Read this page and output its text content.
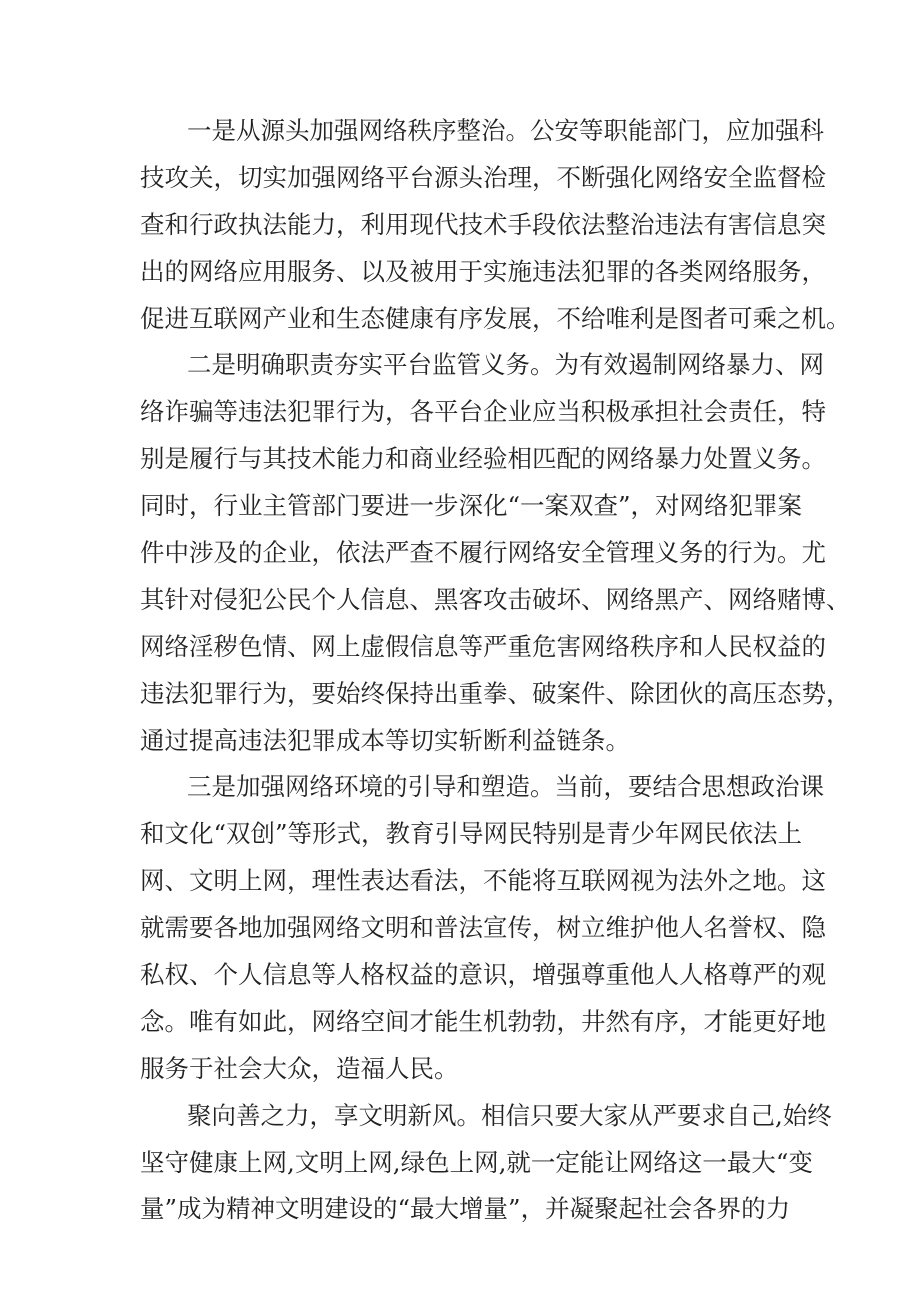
一是从源头加强网络秩序整治。公安等职能部门，应加强科
技攻关，切实加强网络平台源头治理，不断强化网络安全监督检
查和行政执法能力，利用现代技术手段依法整治违法有害信息突
出的网络应用服务、以及被用于实施违法犯罪的各类网络服务，
促进互联网产业和生态健康有序发展，不给唯利是图者可乘之机。
二是明确职责夯实平台监管义务。为有效遏制网络暴力、网
络诈骗等违法犯罪行为，各平台企业应当积极承担社会责任，特
别是履行与其技术能力和商业经验相匹配的网络暴力处置义务。
同时，行业主管部门要进一步深化“一案双查”，对网络犯罪案
件中涉及的企业，依法严查不履行网络安全管理义务的行为。尤
其针对侵犯公民个人信息、黑客攻击破坏、网络黑产、网络赌博、
网络淫秽色情、网上虚假信息等严重危害网络秩序和人民权益的
违法犯罪行为，要始终保持出重拳、破案件、除团伙的高压态势，
通过提高违法犯罪成本等切实斩断利益链条。
三是加强网络环境的引导和塑造。当前，要结合思想政治课
和文化“双创”等形式，教育引导网民特别是青少年网民依法上
网、文明上网，理性表达看法，不能将互联网视为法外之地。这
就需要各地加强网络文明和普法宣传，树立维护他人名誉权、隐
私权、个人信息等人格权益的意识，增强尊重他人人格尊严的观
念。唯有如此，网络空间才能生机勃勃，井然有序，才能更好地
服务于社会大众，造福人民。
聚向善之力，享文明新风。相信只要大家从严要求自己,始终
坚守健康上网,文明上网,绿色上网,就一定能让网络这一最大“变
量”成为精神文明建设的“最大增量”，并凝聚起社会各界的力
